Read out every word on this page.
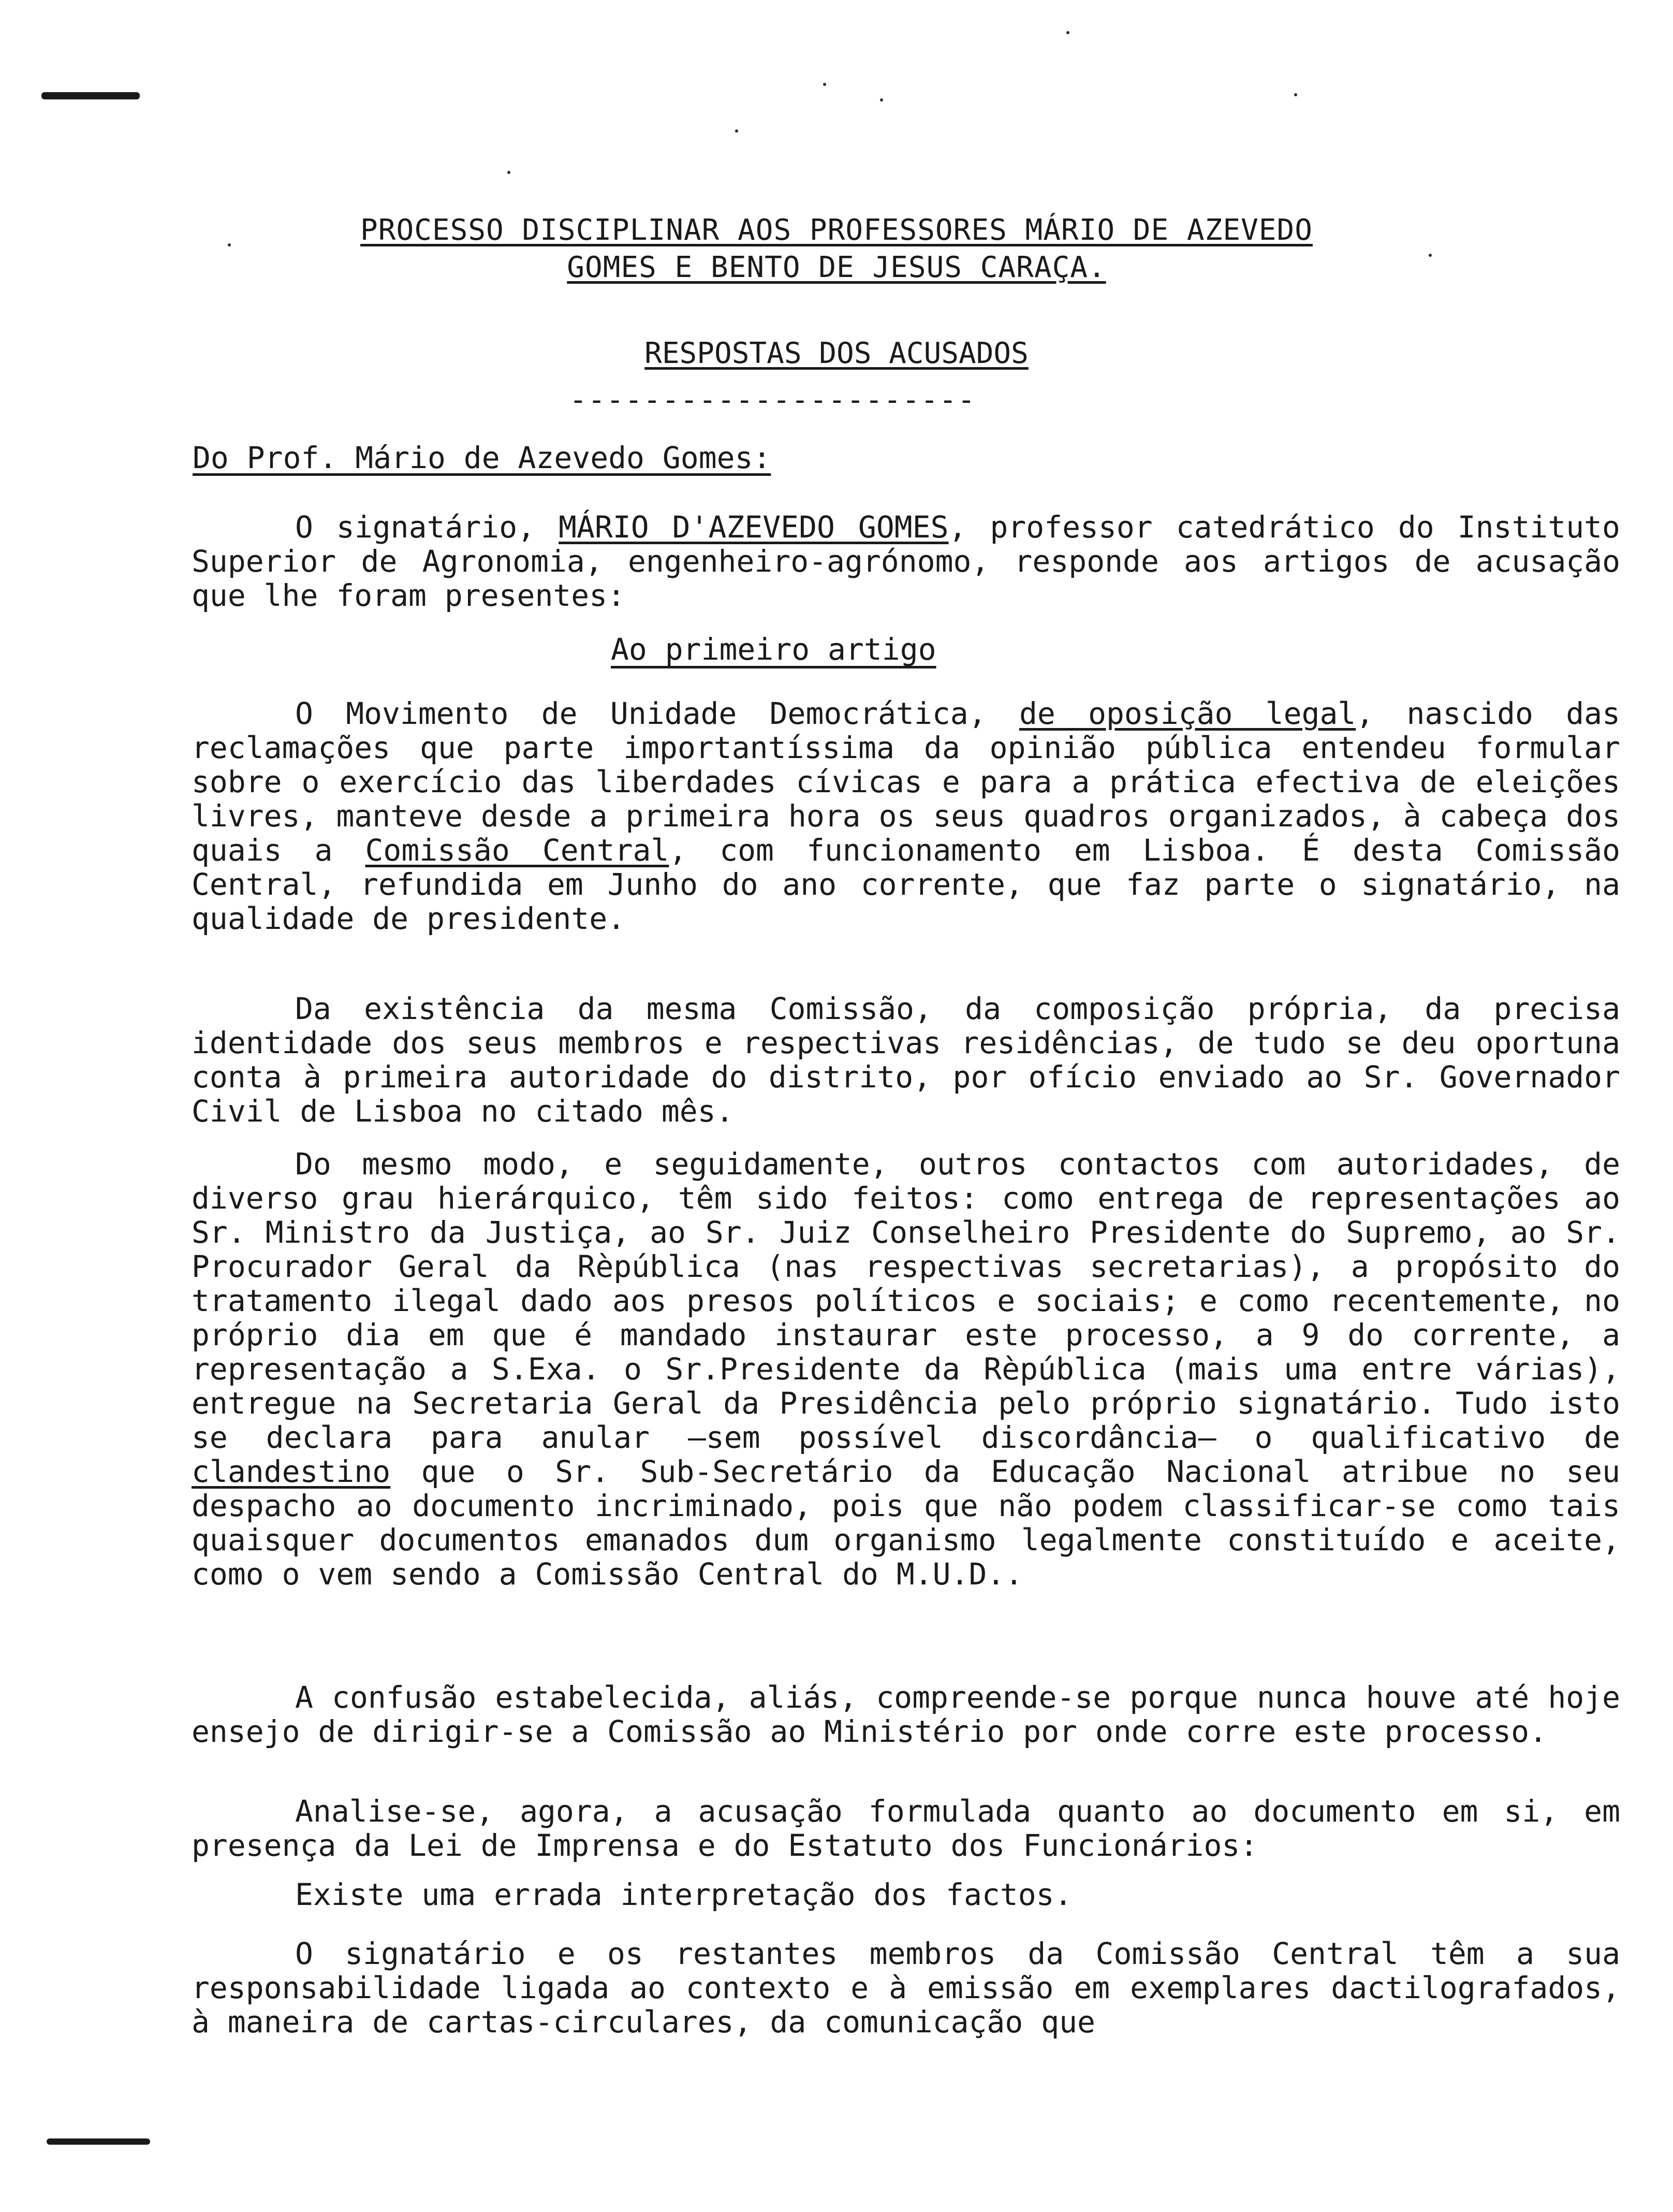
PROCESSO DISCIPLINAR AOS PROFESSORES MÁRIO DE AZEVEDO
GOMES E BENTO DE JESUS CARAÇA.
RESPOSTAS DOS ACUSADOS
----------------------
Do Prof. Mário de Azevedo Gomes:
O signatário, MÁRIO D'AZEVEDO GOMES, professor catedrático do Instituto Superior de Agronomia, engenheiro-agrónomo, responde aos artigos de acusação que lhe foram presentes:
Ao primeiro artigo
O Movimento de Unidade Democrática, de oposição legal, nascido das reclamações que parte importantíssima da opinião pública entendeu formular sobre o exercício das liberdades cívicas e para a prática efectiva de eleições livres, manteve desde a primeira hora os seus quadros organizados, à cabeça dos quais a Comissão Central, com funcionamento em Lisboa. É desta Comissão Central, refundida em Junho do ano corrente, que faz parte o signatário, na qualidade de presidente.
Da existência da mesma Comissão, da composição própria, da precisa identidade dos seus membros e respectivas residências, de tudo se deu oportuna conta à primeira autoridade do distrito, por ofício enviado ao Sr. Governador Civil de Lisboa no citado mês.
Do mesmo modo, e seguidamente, outros contactos com autoridades, de diverso grau hierárquico, têm sido feitos: como entrega de representações ao Sr. Ministro da Justiça, ao Sr. Juiz Conselheiro Presidente do Supremo, ao Sr. Procurador Geral da Rèpública (nas respectivas secretarias), a propósito do tratamento ilegal dado aos presos políticos e sociais; e como recentemente, no próprio dia em que é mandado instaurar este processo, a 9 do corrente, a representação a S.Exa. o Sr.Presidente da Rèpública (mais uma entre várias), entregue na Secretaria Geral da Presidência pelo próprio signatário. Tudo isto se declara para anular —sem possível discordância— o qualificativo de clandestino que o Sr. Sub-Secretário da Educação Nacional atribue no seu despacho ao documento incriminado, pois que não podem classificar-se como tais quaisquer documentos emanados dum organismo legalmente constituído e aceite, como o vem sendo a Comissão Central do M.U.D..
A confusão estabelecida, aliás, compreende-se porque nunca houve até hoje ensejo de dirigir-se a Comissão ao Ministério por onde corre este processo.
Analise-se, agora, a acusação formulada quanto ao documento em si, em presença da Lei de Imprensa e do Estatuto dos Funcionários:
Existe uma errada interpretação dos factos.
O signatário e os restantes membros da Comissão Central têm a sua responsabilidade ligada ao contexto e à emissão em exemplares dactilografados, à maneira de cartas-circulares, da comunicação que
